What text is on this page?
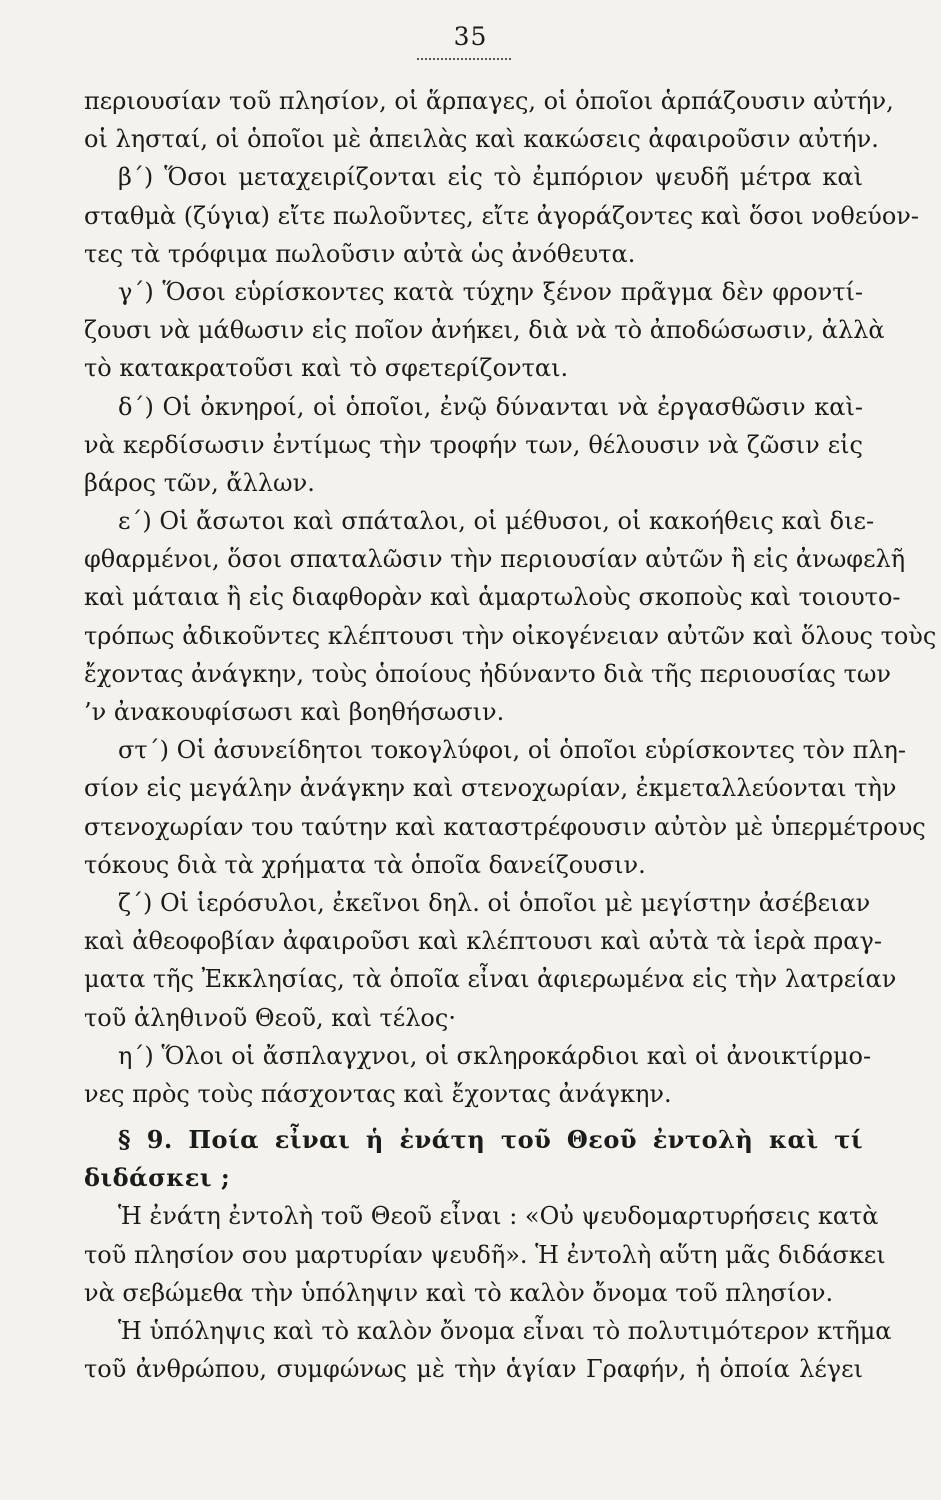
35
περιουσίαν τοῦ πλησίον, οἱ ἅρπαγες, οἱ ὁποῖοι ἁρπάζουσιν αὐτήν,
οἱ λησταί, οἱ ὁποῖοι μὲ ἀπειλὰς καὶ κακώσεις ἀφαιροῦσιν αὐτήν.
β΄) Ὅσοι μεταχειρίζονται εἰς τὸ ἐμπόριον ψευδῆ μέτρα καὶ
σταθμὰ (ζύγια) εἴτε πωλοῦντες, εἴτε ἀγοράζοντες καὶ ὅσοι νοθεύον-
τες τὰ τρόφιμα πωλοῦσιν αὐτὰ ὡς ἀνόθευτα.
γ΄) Ὅσοι εὑρίσκοντες κατὰ τύχην ξένον πρᾶγμα δὲν φροντί-
ζουσι νὰ μάθωσιν εἰς ποῖον ἀνήκει, διὰ νὰ τὸ ἀποδώσωσιν, ἀλλὰ
τὸ κατακρατοῦσι καὶ τὸ σφετερίζονται.
δ΄) Οἱ ὀκνηροί, οἱ ὁποῖοι, ἐνῷ δύνανται νὰ ἐργασθῶσιν καὶ-
νὰ κερδίσωσιν ἐντίμως τὴν τροφήν των, θέλουσιν νὰ ζῶσιν εἰς
βάρος τῶν, ἄλλων.
ε΄) Οἱ ἄσωτοι καὶ σπάταλοι, οἱ μέθυσοι, οἱ κακοήθεις καὶ διε-
φθαρμένοι, ὅσοι σπαταλῶσιν τὴν περιουσίαν αὐτῶν ἢ εἰς ἀνωφελῆ
καὶ μάταια ἢ εἰς διαφθορὰν καὶ ἁμαρτωλοὺς σκοποὺς καὶ τοιουτο-
τρόπως ἀδικοῦντες κλέπτουσι τὴν οἰκογένειαν αὐτῶν καὶ ὅλους τοὺς
ἔχοντας ἀνάγκην, τοὺς ὁποίους ἠδύναντο διὰ τῆς περιουσίας των
’ν ἀνακουφίσωσι καὶ βοηθήσωσιν.
στ΄) Οἱ ἀσυνείδητοι τοκογλύφοι, οἱ ὁποῖοι εὑρίσκοντες τὸν πλη-
σίον εἰς μεγάλην ἀνάγκην καὶ στενοχωρίαν, ἐκμεταλλεύονται τὴν
στενοχωρίαν του ταύτην καὶ καταστρέφουσιν αὐτὸν μὲ ὑπερμέτρους
τόκους διὰ τὰ χρήματα τὰ ὁποῖα δανείζουσιν.
ζ΄) Οἱ ἱερόσυλοι, ἐκεῖνοι δηλ. οἱ ὁποῖοι μὲ μεγίστην ἀσέβειαν
καὶ ἀθεοφοβίαν ἀφαιροῦσι καὶ κλέπτουσι καὶ αὐτὰ τὰ ἱερὰ πραγ-
ματα τῆς Ἐκκλησίας, τὰ ὁποῖα εἶναι ἀφιερωμένα εἰς τὴν λατρείαν
τοῦ ἀληθινοῦ Θεοῦ, καὶ τέλος·
η΄) Ὅλοι οἱ ἄσπλαγχνοι, οἱ σκληροκάρδιοι καὶ οἱ ἀνοικτίρμο-
νες πρὸς τοὺς πάσχοντας καὶ ἔχοντας ἀνάγκην.
§ 9. Ποία εἶναι ἡ ἐνάτη τοῦ Θεοῦ ἐντολὴ καὶ τί
διδάσκει ;
Ἡ ἐνάτη ἐντολὴ τοῦ Θεοῦ εἶναι : «Οὐ ψευδομαρτυρήσεις κατὰ
τοῦ πλησίον σου μαρτυρίαν ψευδῆ». Ἡ ἐντολὴ αὕτη μᾶς διδάσκει
νὰ σεβώμεθα τὴν ὑπόληψιν καὶ τὸ καλὸν ὄνομα τοῦ πλησίον.
Ἡ ὑπόληψις καὶ τὸ καλὸν ὄνομα εἶναι τὸ πολυτιμότερον κτῆμα
τοῦ ἀνθρώπου, συμφώνως μὲ τὴν ἁγίαν Γραφήν, ἡ ὁποία λέγει
